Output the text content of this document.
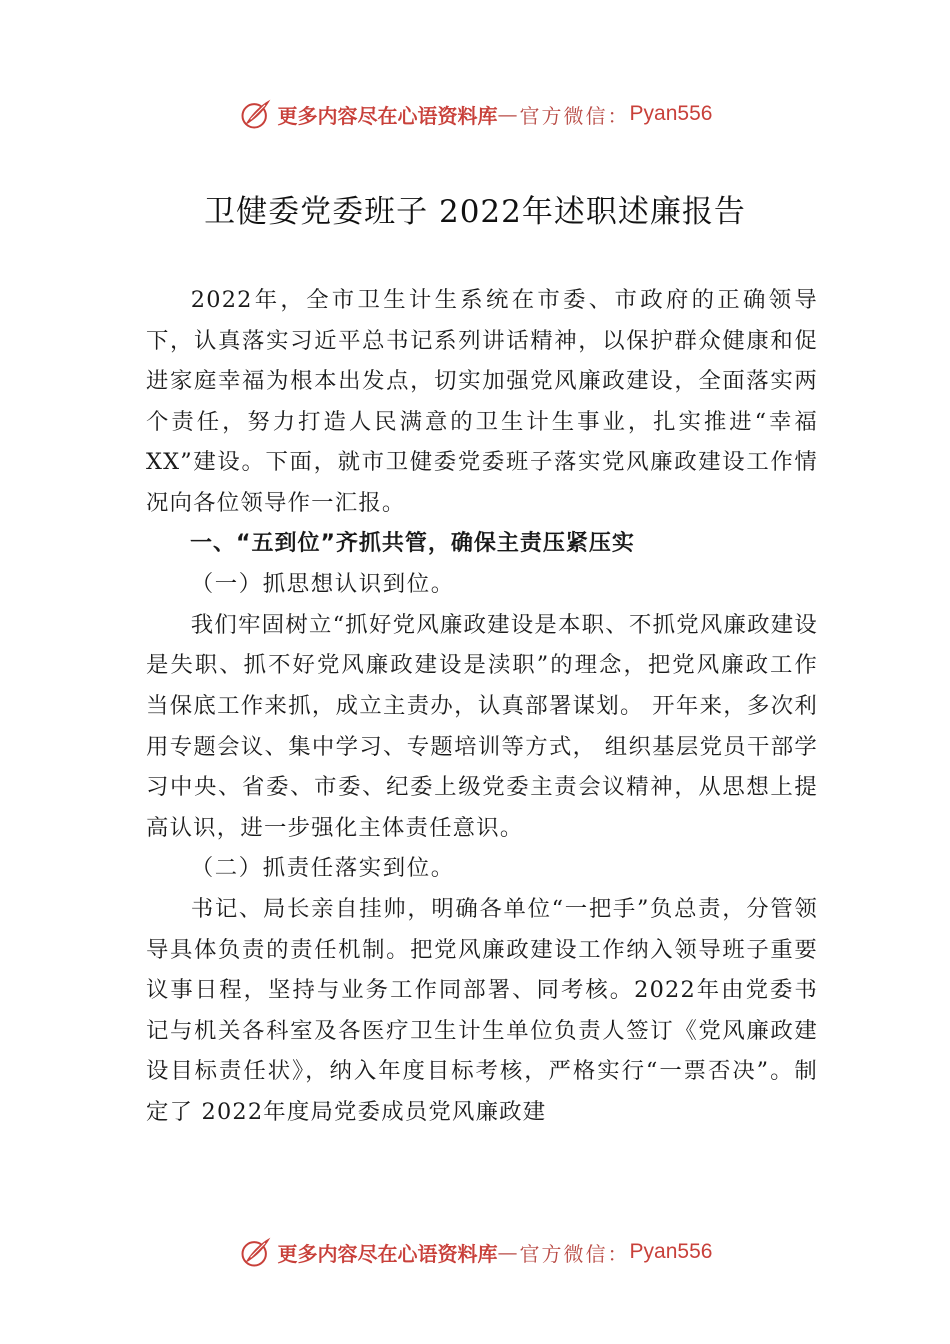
更多内容尽在心语资料库 — 官方微信： Pyan556
卫健委党委班子 2022年述职述廉报告

2022年，全市卫生计生系统在市委、市政府的正确领导下，认真落实习近平总书记系列讲话精神，以保护群众健康和促进家庭幸福为根本出发点，切实加强党风廉政建设，全面落实两个责任，努力打造人民满意的卫生计生事业，扎实推进“幸福 XX”建设。下面，就市卫健委党委班子落实党风廉政建设工作情况向各位领导作一汇报。

一、“五到位”齐抓共管，确保主责压紧压实

（一）抓思想认识到位。

我们牢固树立“抓好党风廉政建设是本职、不抓党风廉政建设是失职、抓不好党风廉政建设是渎职”的理念，把党风廉政工作当保底工作来抓，成立主责办，认真部署谋划。 开年来，多次利用专题会议、集中学习、专题培训等方式， 组织基层党员干部学习中央、省委、市委、纪委上级党委主责会议精神，从思想上提高认识，进一步强化主体责任意识。

（二）抓责任落实到位。

书记、局长亲自挂帅，明确各单位“一把手”负总责，分管领导具体负责的责任机制。把党风廉政建设工作纳入领导班子重要议事日程，坚持与业务工作同部署、同考核。2022年由党委书记与机关各科室及各医疗卫生计生单位负责人签订《党风廉政建设目标责任状》，纳入年度目标考核，严格实行“一票否决”。制定了 2022年度局党委成员党风廉政建

更多内容尽在心语资料库 — 官方微信： Pyan556
